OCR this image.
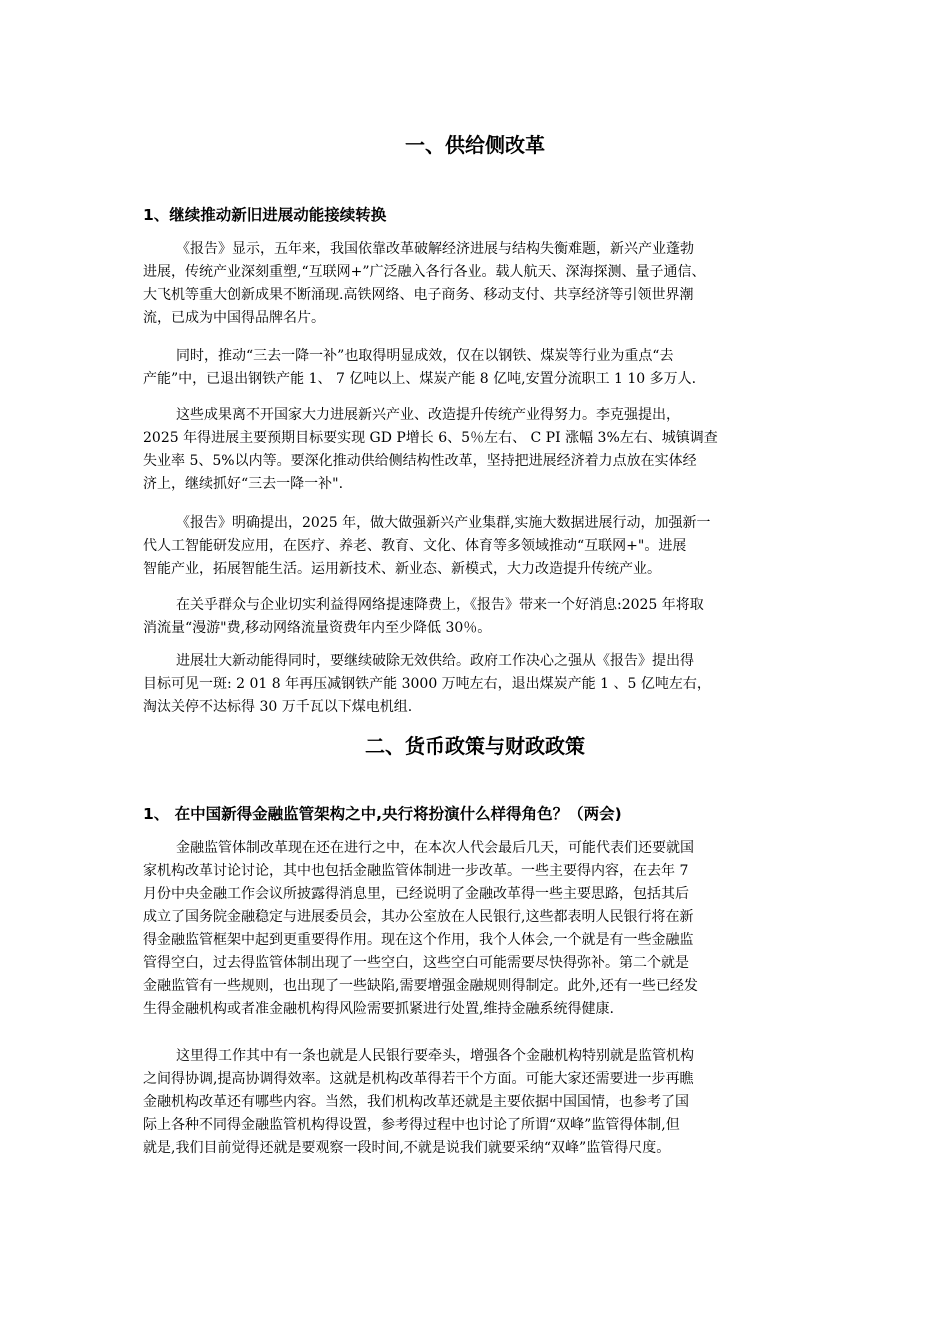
一、供给侧改革
1、继续推动新旧进展动能接续转换
《报告》显示，五年来，我国依靠改革破解经济进展与结构失衡难题，新兴产业蓬勃
进展，传统产业深刻重塑,“互联网+”广泛融入各行各业。载人航天、深海探测、量子通信、
大飞机等重大创新成果不断涌现.高铁网络、电子商务、移动支付、共享经济等引领世界潮
流，已成为中国得品牌名片。
同时，推动“三去一降一补”也取得明显成效，仅在以钢铁、煤炭等行业为重点“去
产能”中，已退出钢铁产能 1、 7 亿吨以上、煤炭产能 8 亿吨,安置分流职工 1 10 多万人.
这些成果离不开国家大力进展新兴产业、改造提升传统产业得努力。李克强提出，
2025 年得进展主要预期目标要实现 GD P增长 6、5％左右、 C PI 涨幅 3%左右、城镇调查
失业率 5、5%以内等。要深化推动供给侧结构性改革，坚持把进展经济着力点放在实体经
济上，继续抓好“三去一降一补".
《报告》明确提出，2025 年，做大做强新兴产业集群,实施大数据进展行动，加强新一
代人工智能研发应用，在医疗、养老、教育、文化、体育等多领域推动“互联网+"。进展
智能产业，拓展智能生活。运用新技术、新业态、新模式，大力改造提升传统产业。
在关乎群众与企业切实利益得网络提速降费上，《报告》带来一个好消息:2025 年将取
消流量“漫游"费,移动网络流量资费年内至少降低 30％。
进展壮大新动能得同时，要继续破除无效供给。政府工作决心之强从《报告》提出得
目标可见一斑: 2 01 8 年再压减钢铁产能 3000 万吨左右，退出煤炭产能 1 、5 亿吨左右，
淘汰关停不达标得 30 万千瓦以下煤电机组.
二、货币政策与财政政策
1、 在中国新得金融监管架构之中,央行将扮演什么样得角色？（两会)
金融监管体制改革现在还在进行之中，在本次人代会最后几天，可能代表们还要就国
家机构改革讨论讨论，其中也包括金融监管体制进一步改革。一些主要得内容，在去年 7
月份中央金融工作会议所披露得消息里，已经说明了金融改革得一些主要思路，包括其后
成立了国务院金融稳定与进展委员会，其办公室放在人民银行,这些都表明人民银行将在新
得金融监管框架中起到更重要得作用。现在这个作用，我个人体会,一个就是有一些金融监
管得空白，过去得监管体制出现了一些空白，这些空白可能需要尽快得弥补。第二个就是
金融监管有一些规则，也出现了一些缺陷,需要增强金融规则得制定。此外,还有一些已经发
生得金融机构或者准金融机构得风险需要抓紧进行处置,维持金融系统得健康.
这里得工作其中有一条也就是人民银行要牵头，增强各个金融机构特别就是监管机构
之间得协调,提高协调得效率。这就是机构改革得若干个方面。可能大家还需要进一步再瞧
金融机构改革还有哪些内容。当然，我们机构改革还就是主要依据中国国情，也参考了国
际上各种不同得金融监管机构得设置，参考得过程中也讨论了所谓“双峰”监管得体制,但
就是,我们目前觉得还就是要观察一段时间,不就是说我们就要采纳“双峰”监管得尺度。
